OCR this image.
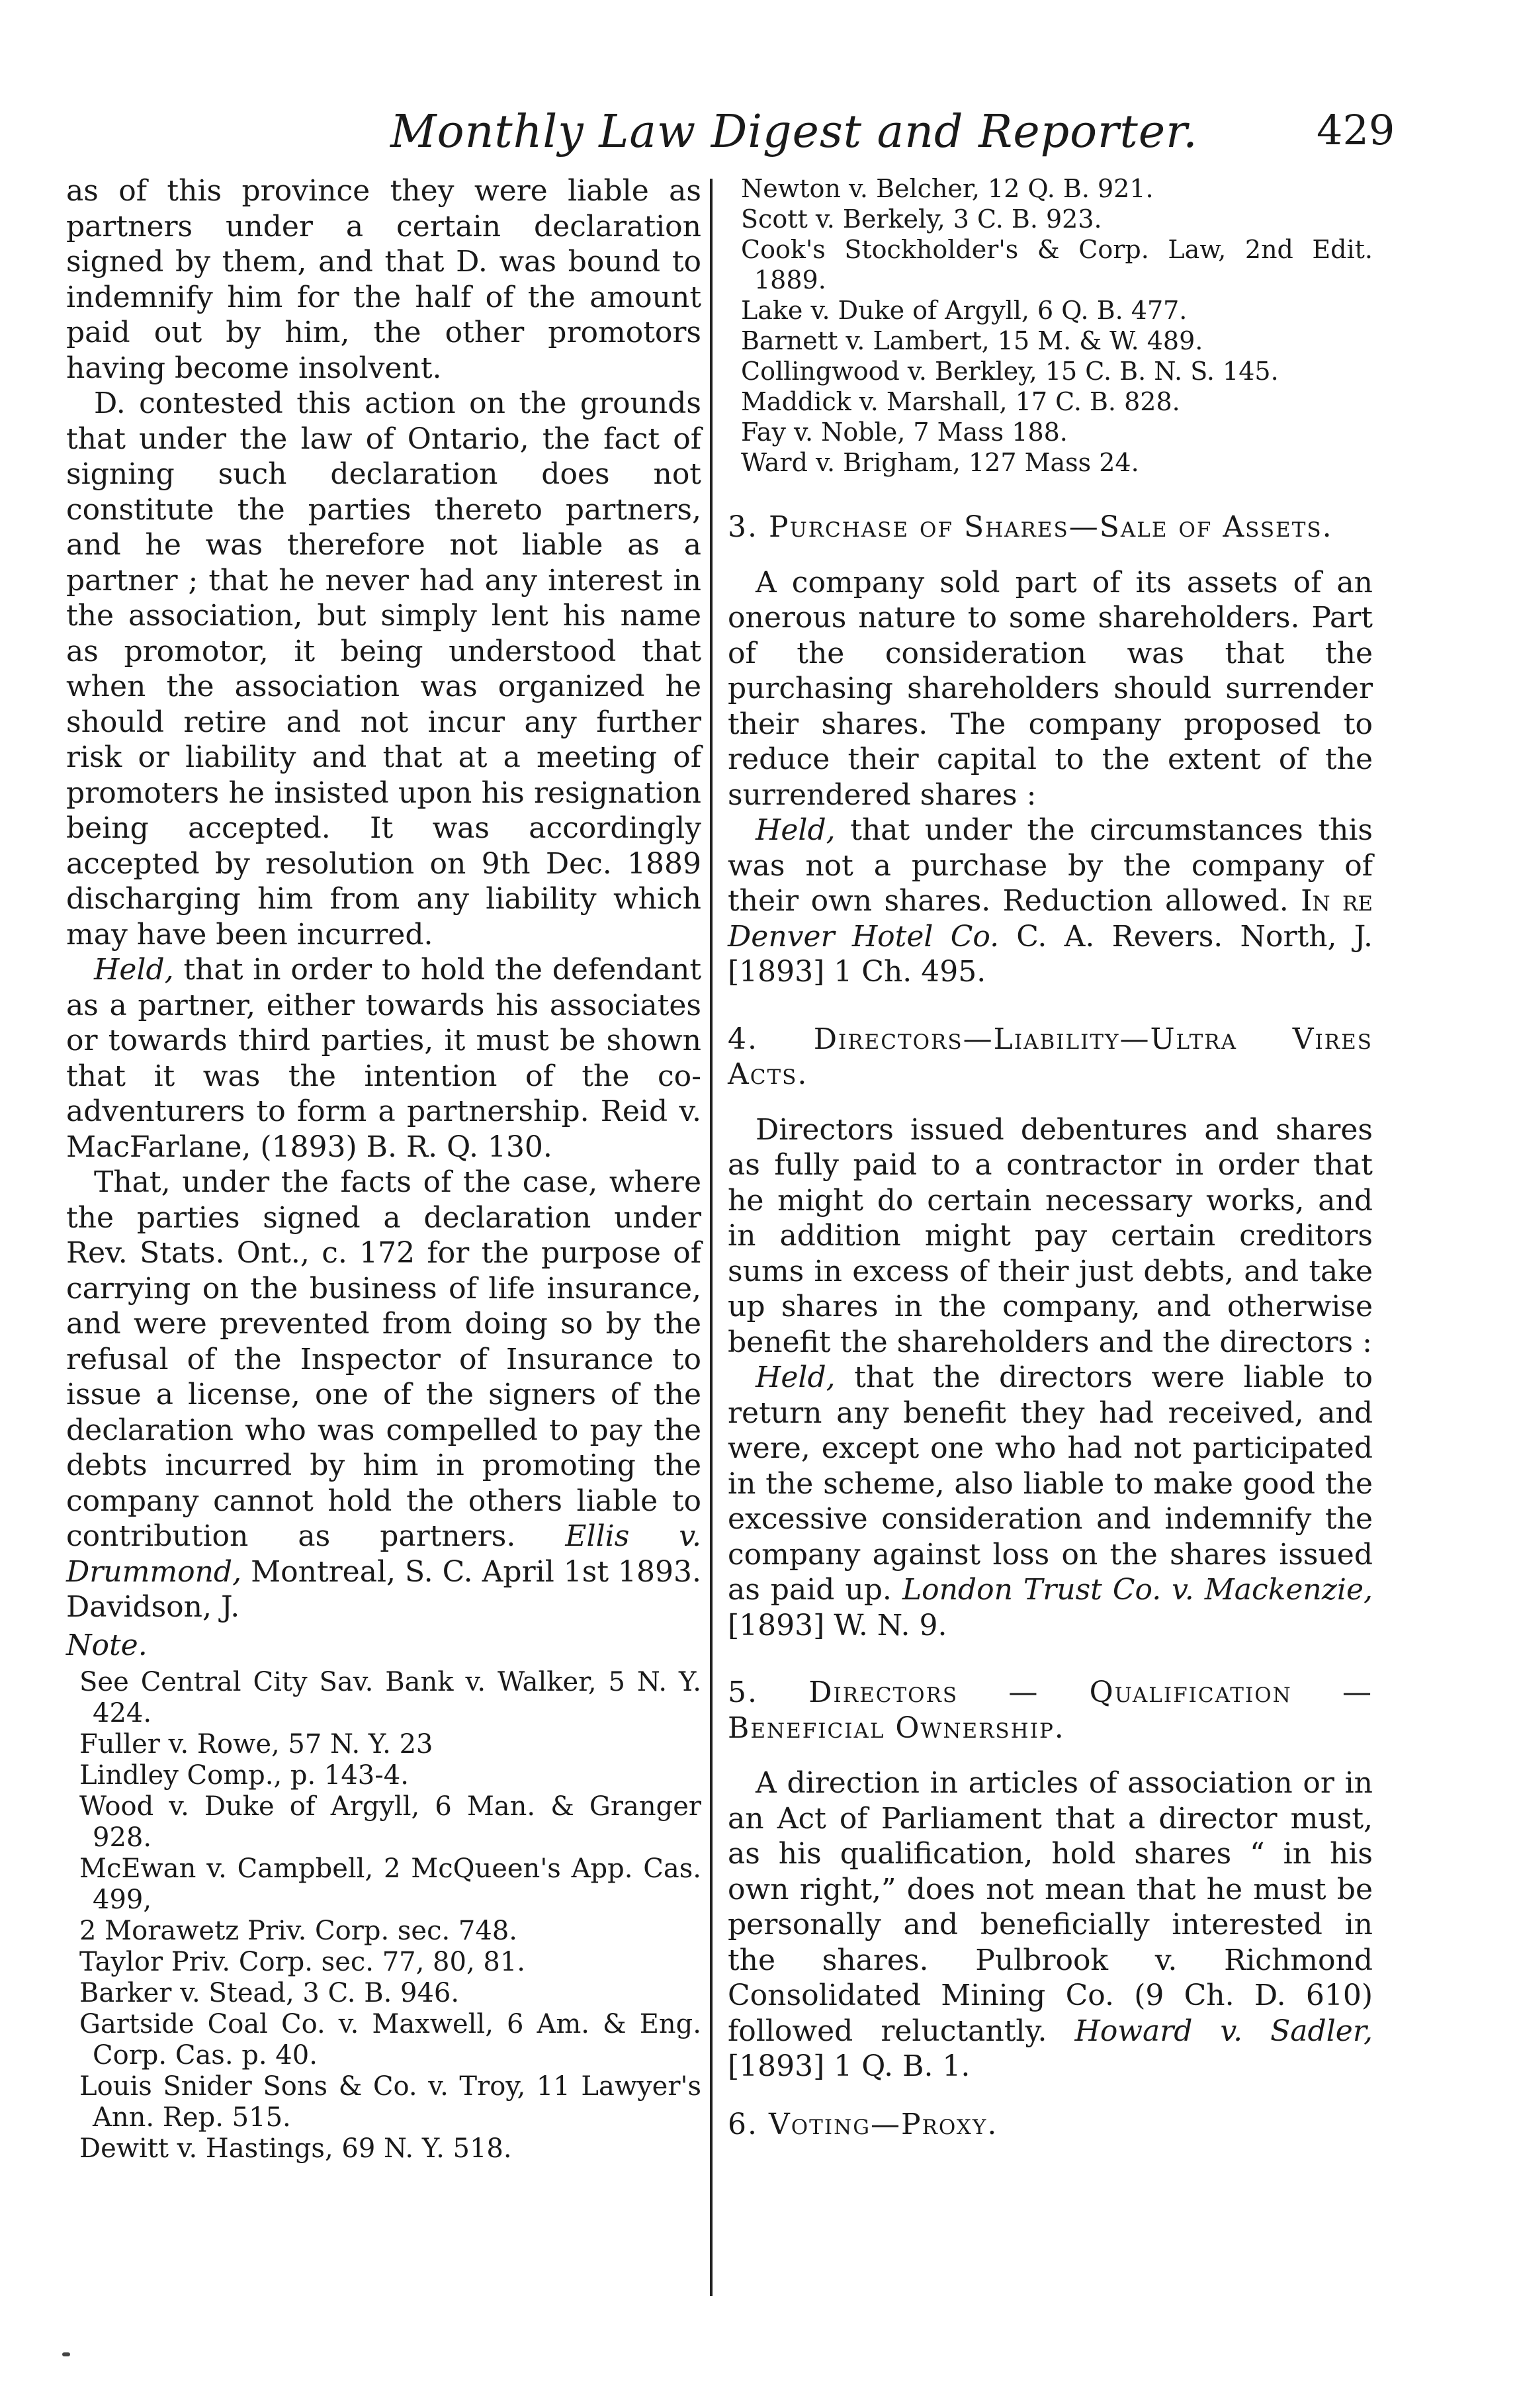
Monthly Law Digest and Reporter.	429

as of this province they were liable as partners under a certain declaration signed by them, and that D. was bound to indemnify him for the half of the amount paid out by him, the other promotors having become insolvent.

D. contested this action on the grounds that under the law of Ontario, the fact of signing such declaration does not constitute the parties thereto partners, and he was therefore not liable as a partner ; that he never had any interest in the association, but simply lent his name as promotor, it being understood that when the association was organized he should retire and not incur any further risk or liability and that at a meeting of promoters he insisted upon his resignation being accepted. It was accordingly accepted by resolution on 9th Dec. 1889 discharging him from any liability which may have been incurred.

Held, that in order to hold the defendant as a partner, either towards his associates or towards third parties, it must be shown that it was the intention of the co-adventurers to form a partnership. Reid v. MacFarlane, (1893) B. R. Q. 130.

That, under the facts of the case, where the parties signed a declaration under Rev. Stats. Ont., c. 172 for the purpose of carrying on the business of life insurance, and were prevented from doing so by the refusal of the Inspector of Insurance to issue a license, one of the signers of the declaration who was compelled to pay the debts incurred by him in promoting the company cannot hold the others liable to contribution as partners. Ellis v. Drummond, Montreal, S. C. April 1st 1893. Davidson, J.

Note.

See Central City Sav. Bank v. Walker, 5 N. Y. 424.
Fuller v. Rowe, 57 N. Y. 23
Lindley Comp., p. 143-4.
Wood v. Duke of Argyll, 6 Man. & Granger 928.
McEwan v. Campbell, 2 McQueen's App. Cas. 499,
2 Morawetz Priv. Corp. sec. 748.
Taylor Priv. Corp. sec. 77, 80, 81.
Barker v. Stead, 3 C. B. 946.
Gartside Coal Co. v. Maxwell, 6 Am. & Eng. Corp. Cas. p. 40.
Louis Snider Sons & Co. v. Troy, 11 Lawyer's Ann. Rep. 515.
Dewitt v. Hastings, 69 N. Y. 518.
Newton v. Belcher, 12 Q. B. 921.
Scott v. Berkely, 3 C. B. 923.
Cook's Stockholder's & Corp. Law, 2nd Edit. 1889.
Lake v. Duke of Argyll, 6 Q. B. 477.
Barnett v. Lambert, 15 M. & W. 489.
Collingwood v. Berkley, 15 C. B. N. S. 145.
Maddick v. Marshall, 17 C. B. 828.
Fay v. Noble, 7 Mass 188.
Ward v. Brigham, 127 Mass 24.

3. Purchase of Shares—Sale of Assets.

A company sold part of its assets of an onerous nature to some shareholders. Part of the consideration was that the purchasing shareholders should surrender their shares. The company proposed to reduce their capital to the extent of the surrendered shares :

Held, that under the circumstances this was not a purchase by the company of their own shares. Reduction allowed. In re Denver Hotel Co. C. A. Revers. North, J. [1893] 1 Ch. 495.

4. Directors—Liability—Ultra Vires Acts.

Directors issued debentures and shares as fully paid to a contractor in order that he might do certain necessary works, and in addition might pay certain creditors sums in excess of their just debts, and take up shares in the company, and otherwise benefit the shareholders and the directors :

Held, that the directors were liable to return any benefit they had received, and were, except one who had not participated in the scheme, also liable to make good the excessive consideration and indemnify the company against loss on the shares issued as paid up. London Trust Co. v. Mackenzie, [1893] W. N. 9.

5. Directors — Qualification — Beneficial Ownership.

A direction in articles of association or in an Act of Parliament that a director must, as his qualification, hold shares “ in his own right,” does not mean that he must be personally and beneficially interested in the shares. Pulbrook v. Richmond Consolidated Mining Co. (9 Ch. D. 610) followed reluctantly. Howard v. Sadler, [1893] 1 Q. B. 1.

6. Voting—Proxy.
